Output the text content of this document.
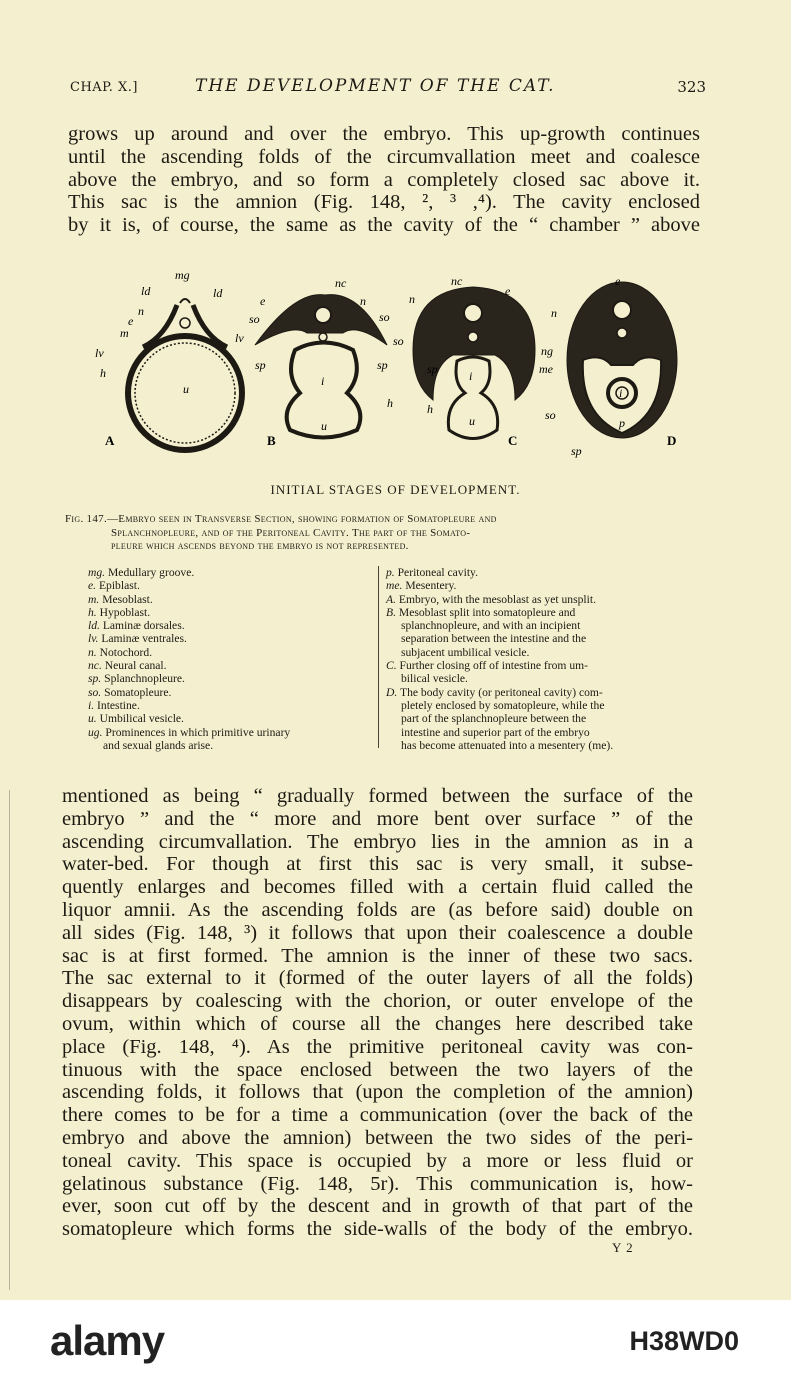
CHAP. X.]	THE DEVELOPMENT OF THE CAT.	323
grows up around and over the embryo. This up-growth continues
until the ascending folds of the circumvallation meet and coalesce
above the embryo, and so form a completely closed sac above it.
This sac is the amnion (Fig. 148, ², ³ ,⁴). The cavity enclosed
by it is, of course, the same as the cavity of the “ chamber ” above
mg
ld	ld
n
e
m
lv
lv
h
u
A
nc
e	n
so	so
sp	sp
i
h
u
B
nc
n
e
so
sp	i
h
u
C
e
n
ng
me
i
so
p
sp
D
INITIAL STAGES OF DEVELOPMENT.
Fig. 147.—Embryo seen in Transverse Section, showing formation of Somatopleure and
Splanchnopleure, and of the Peritoneal Cavity. The part of the Somato-
pleure which ascends beyond the embryo is not represented.
mg. Medullary groove.
e. Epiblast.
m. Mesoblast.
h. Hypoblast.
ld. Laminæ dorsales.
lv. Laminæ ventrales.
n. Notochord.
nc. Neural canal.
sp. Splanchnopleure.
so. Somatopleure.
i. Intestine.
u. Umbilical vesicle.
ug. Prominences in which primitive urinary
and sexual glands arise.
p. Peritoneal cavity.
me. Mesentery.
A. Embryo, with the mesoblast as yet unsplit.
B. Mesoblast split into somatopleure and
splanchnopleure, and with an incipient
separation between the intestine and the
subjacent umbilical vesicle.
C. Further closing off of intestine from um-
bilical vesicle.
D. The body cavity (or peritoneal cavity) com-
pletely enclosed by somatopleure, while the
part of the splanchnopleure between the
intestine and superior part of the embryo
has become attenuated into a mesentery (me).
mentioned as being “ gradually formed between the surface of the
embryo ” and the “ more and more bent over surface ” of the
ascending circumvallation. The embryo lies in the amnion as in a
water-bed. For though at first this sac is very small, it subse-
quently enlarges and becomes filled with a certain fluid called the
liquor amnii. As the ascending folds are (as before said) double on
all sides (Fig. 148, ³) it follows that upon their coalescence a double
sac is at first formed. The amnion is the inner of these two sacs.
The sac external to it (formed of the outer layers of all the folds)
disappears by coalescing with the chorion, or outer envelope of the
ovum, within which of course all the changes here described take
place (Fig. 148, ⁴). As the primitive peritoneal cavity was con-
tinuous with the space enclosed between the two layers of the
ascending folds, it follows that (upon the completion of the amnion)
there comes to be for a time a communication (over the back of the
embryo and above the amnion) between the two sides of the peri-
toneal cavity. This space is occupied by a more or less fluid or
gelatinous substance (Fig. 148, 5r). This communication is, how-
ever, soon cut off by the descent and in growth of that part of the
somatopleure which forms the side-walls of the body of the embryo.
Y 2
alamy	H38WD0
